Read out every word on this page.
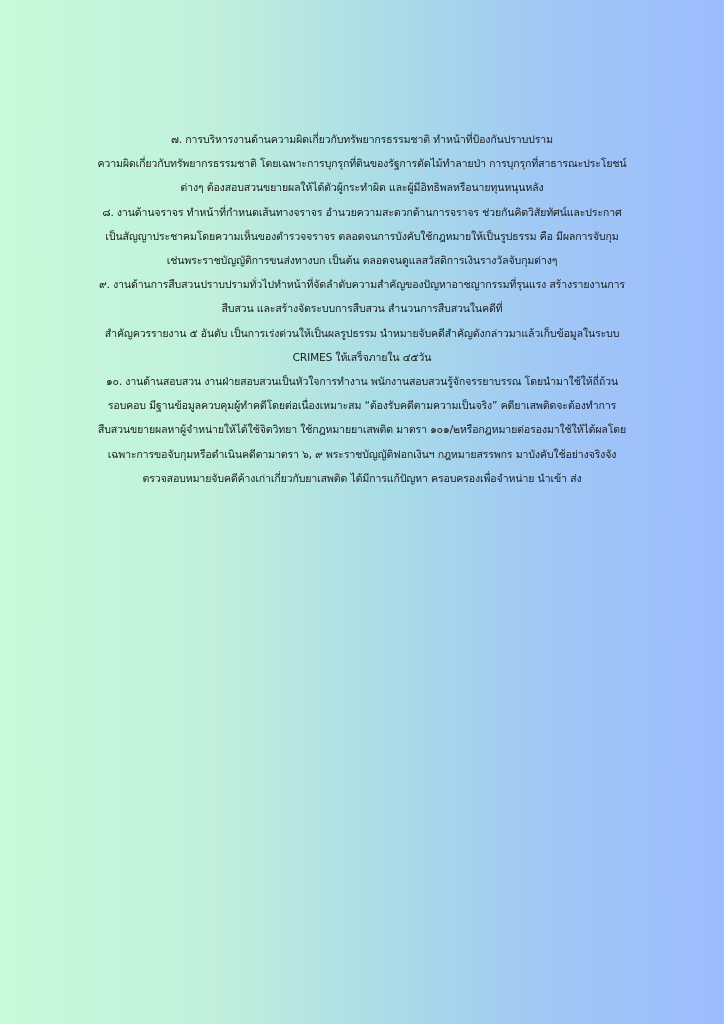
๗. การบริหารงานด้านความผิดเกี่ยวกับทรัพยากรธรรมชาติ ทำหน้าที่ป้องกันปราบปราม
ความผิดเกี่ยวกับทรัพยากรธรรมชาติ โดยเฉพาะการบุกรุกที่ดินของรัฐการตัดไม้ทำลายป่า การบุกรุกที่สาธารณะประโยชน์
ต่างๆ ต้องสอบสวนขยายผลให้ได้ตัวผู้กระทำผิด และผู้มีอิทธิพลหรือนายทุนหนุนหลัง
๘. งานด้านจราจร ทำหน้าที่กำหนดเส้นทางจราจร อำนวยความสะดวกด้านการจราจร ช่วยกันคิดวิสัยทัศน์และประกาศ
เป็นสัญญาประชาคมโดยความเห็นของตำรวจจราจร ตลอดจนการบังคับใช้กฎหมายให้เป็นรูปธรรม คือ มีผลการจับกุม
เช่นพระราชบัญญัติการขนส่งทางบก เป็นต้น ตลอดจนดูแลสวัสดิการเงินรางวัลจับกุมต่างๆ
๙. งานด้านการสืบสวนปราบปรามทั่วไปทำหน้าที่จัดลำดับความสำคัญของปัญหาอาชญากรรมที่รุนแรง สร้างรายงานการ
สืบสวน และสร้างจัดระบบการสืบสวน สำนวนการสืบสวนในคดีที่
สำคัญควรรายงาน ๕ อันดับ เป็นการเร่งด่วนให้เป็นผลรูปธรรม นำหมายจับคดีสำคัญดังกล่าวมาแล้วเก็บข้อมูลในระบบ
CRIMES ให้เสร็จภายใน ๔๕วัน
๑๐. งานด้านสอบสวน งานฝ่ายสอบสวนเป็นหัวใจการทำงาน พนักงานสอบสวนรู้จักจรรยาบรรณ โดยนำมาใช้ให้ถี่ถ้วน
รอบคอบ มีฐานข้อมูลควบคุมผู้ทำคดีโดยต่อเนื่องเหมาะสม “ต้องรับคดีตามความเป็นจริง” คดียาเสพติดจะต้องทำการ
สืบสวนขยายผลหาผู้จำหน่ายให้ได้ใช้จิตวิทยา ใช้กฎหมายยาเสพติด มาตรา ๑๐๑/๒หรือกฎหมายต่อรองมาใช้ให้ได้ผลโดย
เฉพาะการขอจับกุมหรือดำเนินคดีตามาตรา ๖, ๙ พระราชบัญญัติฟอกเงินฯ กฎหมายสรรพกร มาบังคับใช้อย่างจริงจัง
ตรวจสอบหมายจับคดีค้างเก่าเกี่ยวกับยาเสพติด ได้มีการแก้ปัญหา ครอบครองเพื่อจำหน่าย นำเข้า ส่ง
